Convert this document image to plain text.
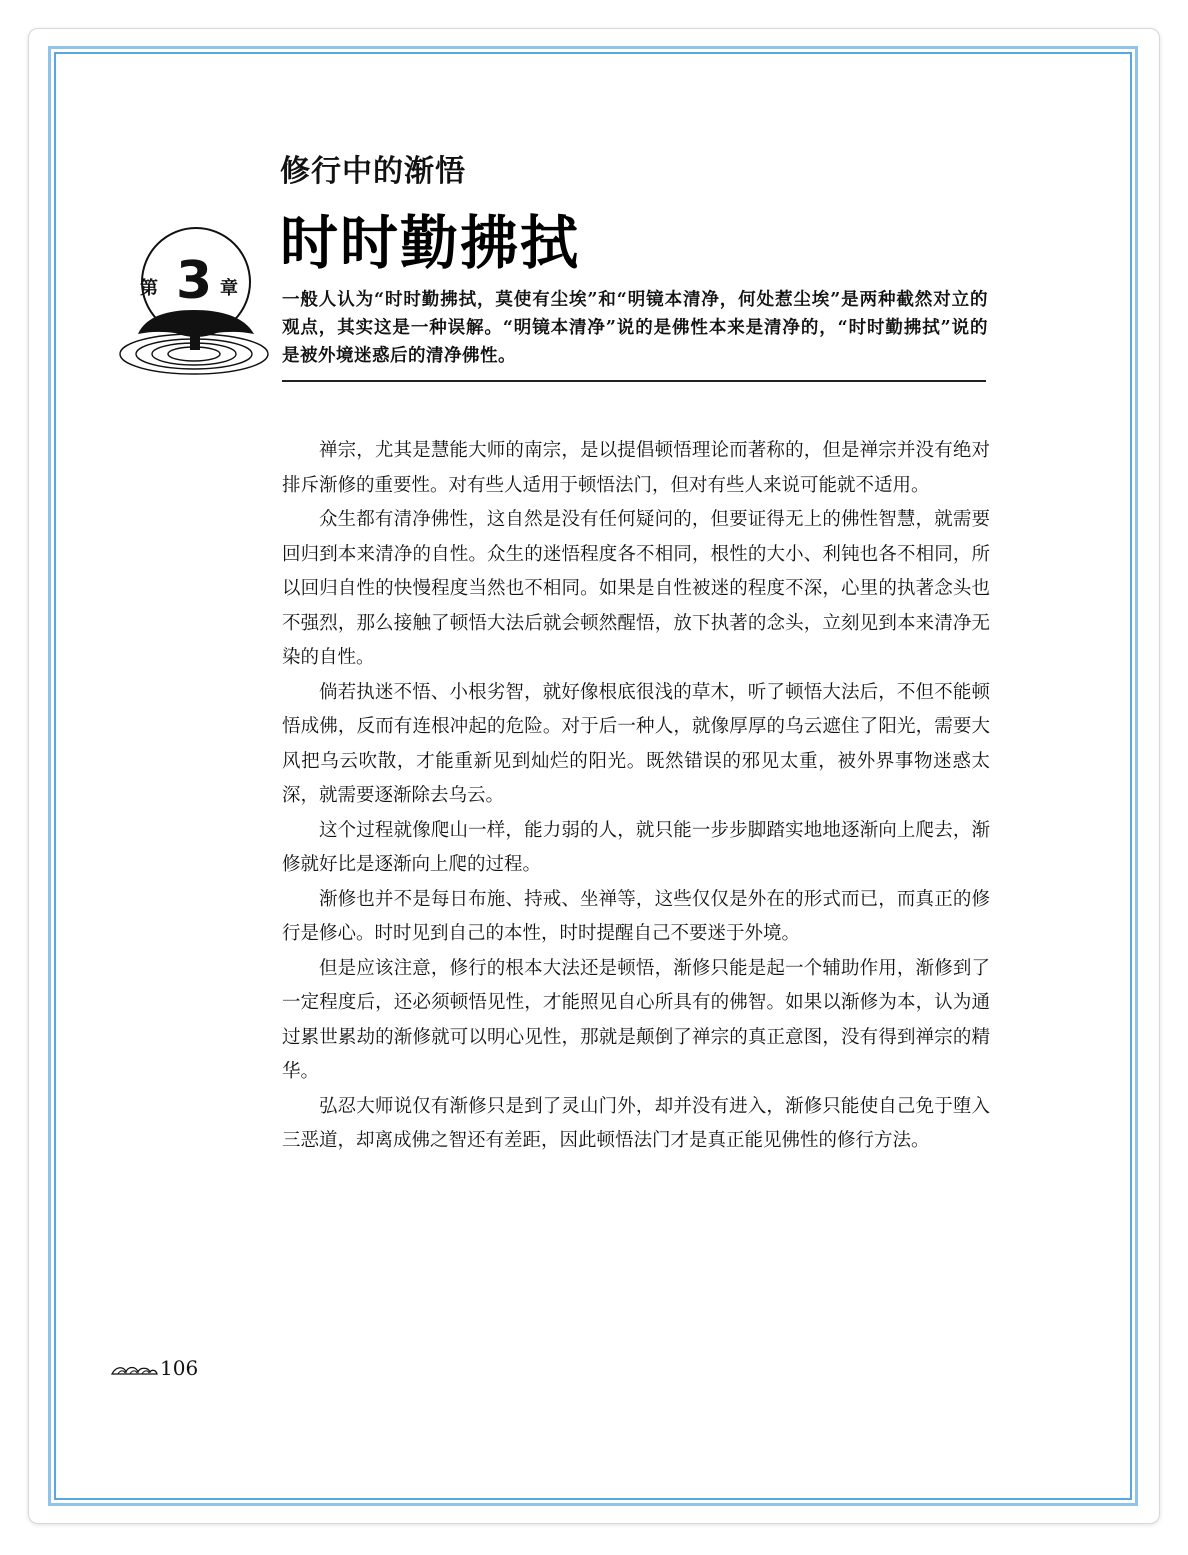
修行中的渐悟
时时勤拂拭
第 3 章
一般人认为“时时勤拂拭，莫使有尘埃”和“明镜本清净，何处惹尘埃”是两种截然对立的观点，其实这是一种误解。“明镜本清净”说的是佛性本来是清净的，“时时勤拂拭”说的是被外境迷惑后的清净佛性。

禅宗，尤其是慧能大师的南宗，是以提倡顿悟理论而著称的，但是禅宗并没有绝对排斥渐修的重要性。对有些人适用于顿悟法门，但对有些人来说可能就不适用。

众生都有清净佛性，这自然是没有任何疑问的，但要证得无上的佛性智慧，就需要回归到本来清净的自性。众生的迷悟程度各不相同，根性的大小、利钝也各不相同，所以回归自性的快慢程度当然也不相同。如果是自性被迷的程度不深，心里的执著念头也不强烈，那么接触了顿悟大法后就会顿然醒悟，放下执著的念头，立刻见到本来清净无染的自性。

倘若执迷不悟、小根劣智，就好像根底很浅的草木，听了顿悟大法后，不但不能顿悟成佛，反而有连根冲起的危险。对于后一种人，就像厚厚的乌云遮住了阳光，需要大风把乌云吹散，才能重新见到灿烂的阳光。既然错误的邪见太重，被外界事物迷惑太深，就需要逐渐除去乌云。

这个过程就像爬山一样，能力弱的人，就只能一步步脚踏实地地逐渐向上爬去，渐修就好比是逐渐向上爬的过程。

渐修也并不是每日布施、持戒、坐禅等，这些仅仅是外在的形式而已，而真正的修行是修心。时时见到自己的本性，时时提醒自己不要迷于外境。

但是应该注意，修行的根本大法还是顿悟，渐修只能是起一个辅助作用，渐修到了一定程度后，还必须顿悟见性，才能照见自心所具有的佛智。如果以渐修为本，认为通过累世累劫的渐修就可以明心见性，那就是颠倒了禅宗的真正意图，没有得到禅宗的精华。

弘忍大师说仅有渐修只是到了灵山门外，却并没有进入，渐修只能使自己免于堕入三恶道，却离成佛之智还有差距，因此顿悟法门才是真正能见佛性的修行方法。

106
